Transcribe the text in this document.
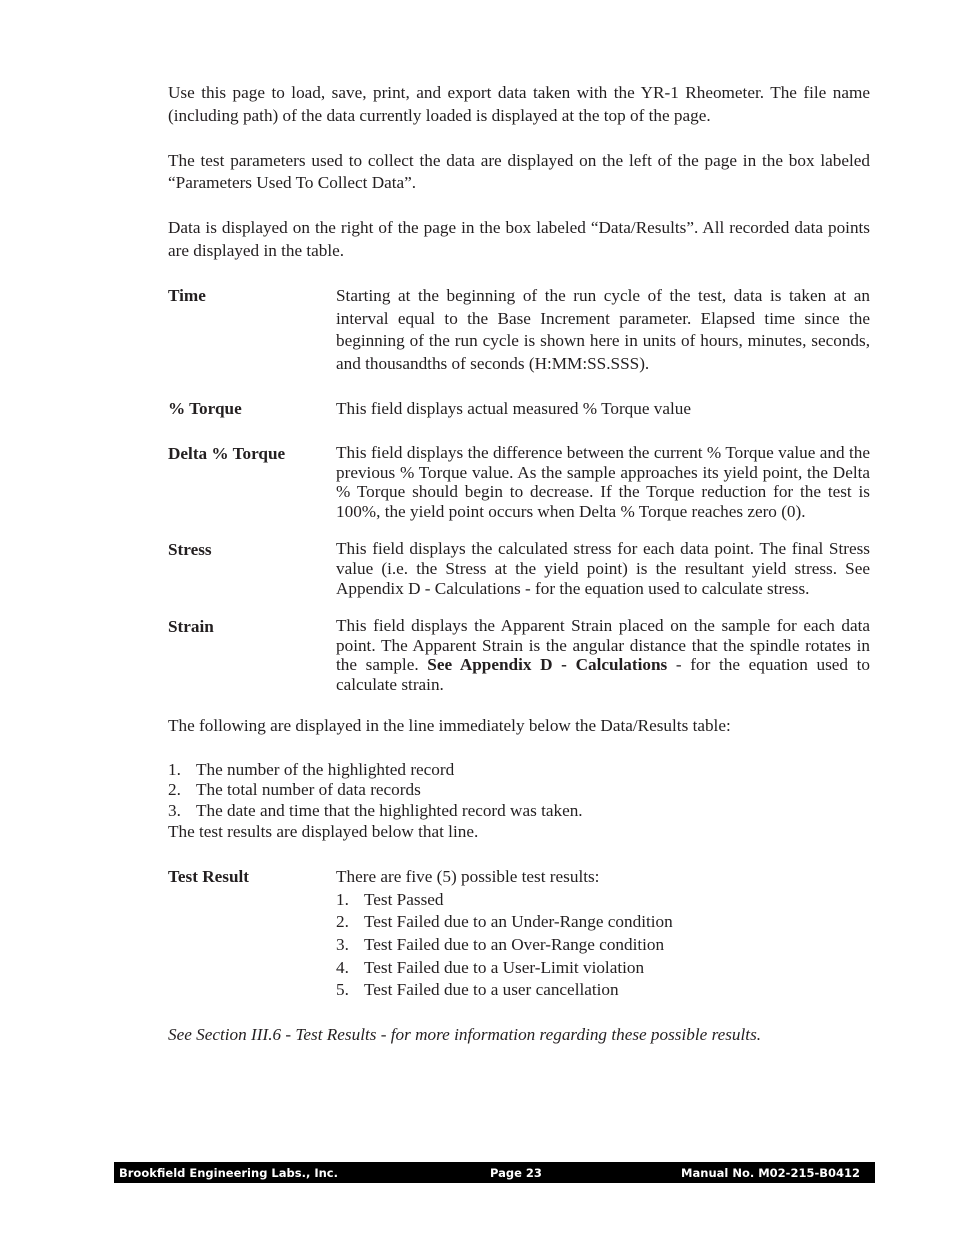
Use this page to load, save, print, and export data taken with the YR-1 Rheometer. The file name (including path) of the data currently loaded is displayed at the top of the page.

The test parameters used to collect the data are displayed on the left of the page in the box labeled “Parameters Used To Collect Data”.

Data is displayed on the right of the page in the box labeled “Data/Results”. All recorded data points are displayed in the table.

Time	Starting at the beginning of the run cycle of the test, data is taken at an interval equal to the Base Increment parameter. Elapsed time since the beginning of the run cycle is shown here in units of hours, minutes, seconds, and thousandths of seconds (H:MM:SS.SSS).
% Torque	This field displays actual measured % Torque value
Delta % Torque	This field displays the difference between the current % Torque value and the previous % Torque value. As the sample approaches its yield point, the Delta % Torque should begin to decrease. If the Torque reduction for the test is 100%, the yield point occurs when Delta % Torque reaches zero (0).
Stress	This field displays the calculated stress for each data point. The final Stress value (i.e. the Stress at the yield point) is the resultant yield stress. See Appendix D - Calculations - for the equation used to calculate stress.
Strain	This field displays the Apparent Strain placed on the sample for each data point. The Apparent Strain is the angular distance that the spindle rotates in the sample. See Appendix D - Calculations - for the equation used to calculate strain.

The following are displayed in the line immediately below the Data/Results table:

1. The number of the highlighted record
2. The total number of data records
3. The date and time that the highlighted record was taken.

The test results are displayed below that line.

Test Result	There are five (5) possible test results:
1. Test Passed
2. Test Failed due to an Under-Range condition
3. Test Failed due to an Over-Range condition
4. Test Failed due to a User-Limit violation
5. Test Failed due to a user cancellation

See Section III.6 - Test Results - for more information regarding these possible results.

Brookfield Engineering Labs., Inc.	Page 23	Manual No. M02-215-B0412
